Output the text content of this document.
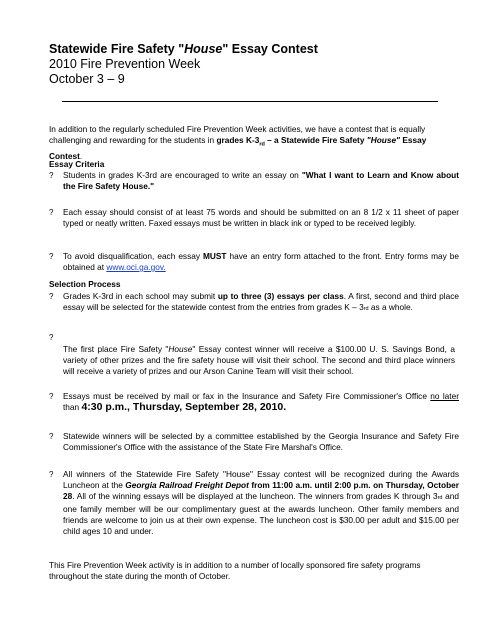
Statewide Fire Safety "House" Essay Contest
2010 Fire Prevention Week
October 3 – 9
In addition to the regularly scheduled Fire Prevention Week activities, we have a contest that is equally challenging and rewarding for the students in grades $K-3_{rd}$ – a Statewide Fire Safety "House" Essay Contest.
Essay Criteria
?	Students in grades K-3rd are encouraged to write an essay on "What I want to Learn and Know about the Fire Safety House."
?	Each essay should consist of at least 75 words and should be submitted on an 8 1/2 x 11 sheet of paper typed or neatly written. Faxed essays must be written in black ink or typed to be received legibly.
?	To avoid disqualification, each essay MUST have an entry form attached to the front. Entry forms may be obtained at www.oci.ga.gov.
Selection Process
?	Grades K-3rd in each school may submit up to three (3) essays per class. A first, second and third place essay will be selected for the statewide contest from the entries from grades K – 3rd as a whole.
?
The first place Fire Safety "House" Essay contest winner will receive a $100.00 U. S. Savings Bond, a variety of other prizes and the fire safety house will visit their school. The second and third place winners will receive a variety of prizes and our Arson Canine Team will visit their school.
?	Essays must be received by mail or fax in the Insurance and Safety Fire Commissioner's Office no later than 4:30 p.m., Thursday, September 28, 2010.
?	Statewide winners will be selected by a committee established by the Georgia Insurance and Safety Fire Commissioner's Office with the assistance of the State Fire Marshal's Office.
?	All winners of the Statewide Fire Safety "House" Essay contest will be recognized during the Awards Luncheon at the Georgia Railroad Freight Depot from 11:00 a.m. until 2:00 p.m. on Thursday, October 28. All of the winning essays will be displayed at the luncheon. The winners from grades K through 3rd and one family member will be our complimentary guest at the awards luncheon. Other family members and friends are welcome to join us at their own expense. The luncheon cost is $30.00 per adult and $15.00 per child ages 10 and under.
This Fire Prevention Week activity is in addition to a number of locally sponsored fire safety programs throughout the state during the month of October.
